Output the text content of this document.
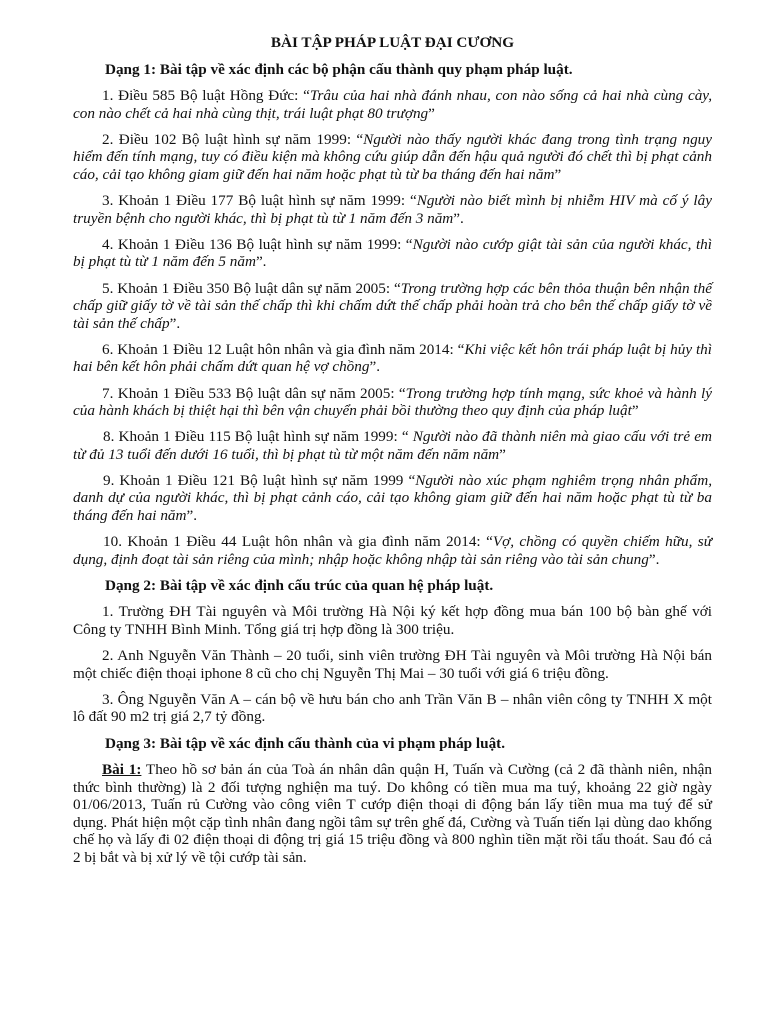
BÀI TẬP PHÁP LUẬT ĐẠI CƯƠNG
Dạng 1: Bài tập về xác định các bộ phận cấu thành quy phạm pháp luật.
1. Điều 585 Bộ luật Hồng Đức: “Trâu của hai nhà đánh nhau, con nào sống cả hai nhà cùng cày, con nào chết cả hai nhà cùng thịt, trái luật phạt 80 trượng”
2. Điều 102 Bộ luật hình sự năm 1999: “Người nào thấy người khác đang trong tình trạng nguy hiểm đến tính mạng, tuy có điều kiện mà không cứu giúp dẫn đến hậu quả người đó chết thì bị phạt cảnh cáo, cải tạo không giam giữ đến hai năm hoặc phạt tù từ ba tháng đến hai năm”
3. Khoản 1 Điều 177 Bộ luật hình sự năm 1999: “Người nào biết mình bị nhiễm HIV mà cố ý lây truyền bệnh cho người khác, thì bị phạt tù từ 1 năm đến 3 năm”.
4. Khoản 1 Điều 136 Bộ luật hình sự năm 1999: “Người nào cướp giật tài sản của người khác, thì bị phạt tù từ 1 năm đến 5 năm”.
5. Khoản 1 Điều 350 Bộ luật dân sự năm 2005: “Trong trường hợp các bên thỏa thuận bên nhận thế chấp giữ giấy tờ về tài sản thế chấp thì khi chấm dứt thế chấp phải hoàn trả cho bên thế chấp giấy tờ về tài sản thế chấp”.
6. Khoản 1 Điều 12 Luật hôn nhân và gia đình năm 2014: “Khi việc kết hôn trái pháp luật bị hủy thì hai bên kết hôn phải chấm dứt quan hệ vợ chồng”.
7. Khoản 1 Điều 533 Bộ luật dân sự năm 2005: “Trong trường hợp tính mạng, sức khoẻ và hành lý của hành khách bị thiệt hại thì bên vận chuyển phải bồi thường theo quy định của pháp luật”
8. Khoản 1 Điều 115 Bộ luật hình sự năm 1999: “ Người nào đã thành niên mà giao cấu với trẻ em từ đủ 13 tuổi đến dưới 16 tuổi, thì bị phạt tù từ một năm đến năm năm”
9. Khoản 1 Điều 121 Bộ luật hình sự năm 1999 “Người nào xúc phạm nghiêm trọng nhân phẩm, danh dự của người khác, thì bị phạt cảnh cáo, cải tạo không giam giữ đến hai năm hoặc phạt tù từ ba tháng đến hai năm”.
10. Khoản 1 Điều 44 Luật hôn nhân và gia đình năm 2014: “Vợ, chồng có quyền chiếm hữu, sử dụng, định đoạt tài sản riêng của mình; nhập hoặc không nhập tài sản riêng vào tài sản chung”.
Dạng 2: Bài tập về xác định cấu trúc của quan hệ pháp luật.
1. Trường ĐH Tài nguyên và Môi trường Hà Nội ký kết hợp đồng mua bán 100 bộ bàn ghế với Công ty TNHH Bình Minh. Tổng giá trị hợp đồng là 300 triệu.
2. Anh Nguyễn Văn Thành – 20 tuổi, sinh viên trường ĐH Tài nguyên và Môi trường Hà Nội bán một chiếc điện thoại iphone 8 cũ cho chị Nguyễn Thị Mai – 30 tuổi với giá 6 triệu đồng.
3. Ông Nguyễn Văn A – cán bộ về hưu bán cho anh Trần Văn B – nhân viên công ty TNHH X một lô đất 90 m2 trị giá 2,7 tỷ đồng.
Dạng 3: Bài tập về xác định cấu thành của vi phạm pháp luật.
Bài 1: Theo hồ sơ bản án của Toà án nhân dân quận H, Tuấn và Cường (cả 2 đã thành niên, nhận thức bình thường) là 2 đối tượng nghiện ma tuý. Do không có tiền mua ma tuý, khoảng 22 giờ ngày 01/06/2013, Tuấn rủ Cường vào công viên T cướp điện thoại di động bán lấy tiền mua ma tuý để sử dụng. Phát hiện một cặp tình nhân đang ngồi tâm sự trên ghế đá, Cường và Tuấn tiến lại dùng dao khống chế họ và lấy đi 02 điện thoại di động trị giá 15 triệu đồng và 800 nghìn tiền mặt rồi tẩu thoát. Sau đó cả 2 bị bắt và bị xử lý về tội cướp tài sản.
